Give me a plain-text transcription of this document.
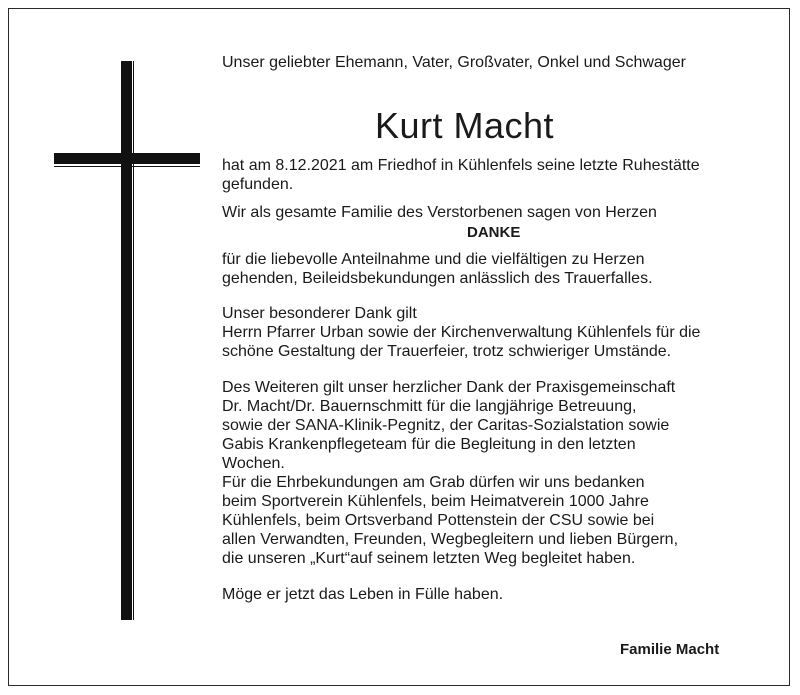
Unser geliebter Ehemann, Vater, Großvater, Onkel und Schwager
Kurt Macht
hat am 8.12.2021 am Friedhof in Kühlenfels seine letzte Ruhestätte
gefunden.
Wir als gesamte Familie des Verstorbenen sagen von Herzen
DANKE
für die liebevolle Anteilnahme und die vielfältigen zu Herzen
gehenden, Beileidsbekundungen anlässlich des Trauerfalles.
Unser besonderer Dank gilt
Herrn Pfarrer Urban sowie der Kirchenverwaltung Kühlenfels für die
schöne Gestaltung der Trauerfeier, trotz schwieriger Umstände.
Des Weiteren gilt unser herzlicher Dank der Praxisgemeinschaft
Dr. Macht/Dr. Bauernschmitt für die langjährige Betreuung,
sowie der SANA-Klinik-Pegnitz, der Caritas-Sozialstation sowie
Gabis Krankenpflegeteam für die Begleitung in den letzten
Wochen.
Für die Ehrbekundungen am Grab dürfen wir uns bedanken
beim Sportverein Kühlenfels, beim Heimatverein 1000 Jahre
Kühlenfels, beim Ortsverband Pottenstein der CSU sowie bei
allen Verwandten, Freunden, Wegbegleitern und lieben Bürgern,
die unseren „Kurt“auf seinem letzten Weg begleitet haben.
Möge er jetzt das Leben in Fülle haben.
Familie Macht
